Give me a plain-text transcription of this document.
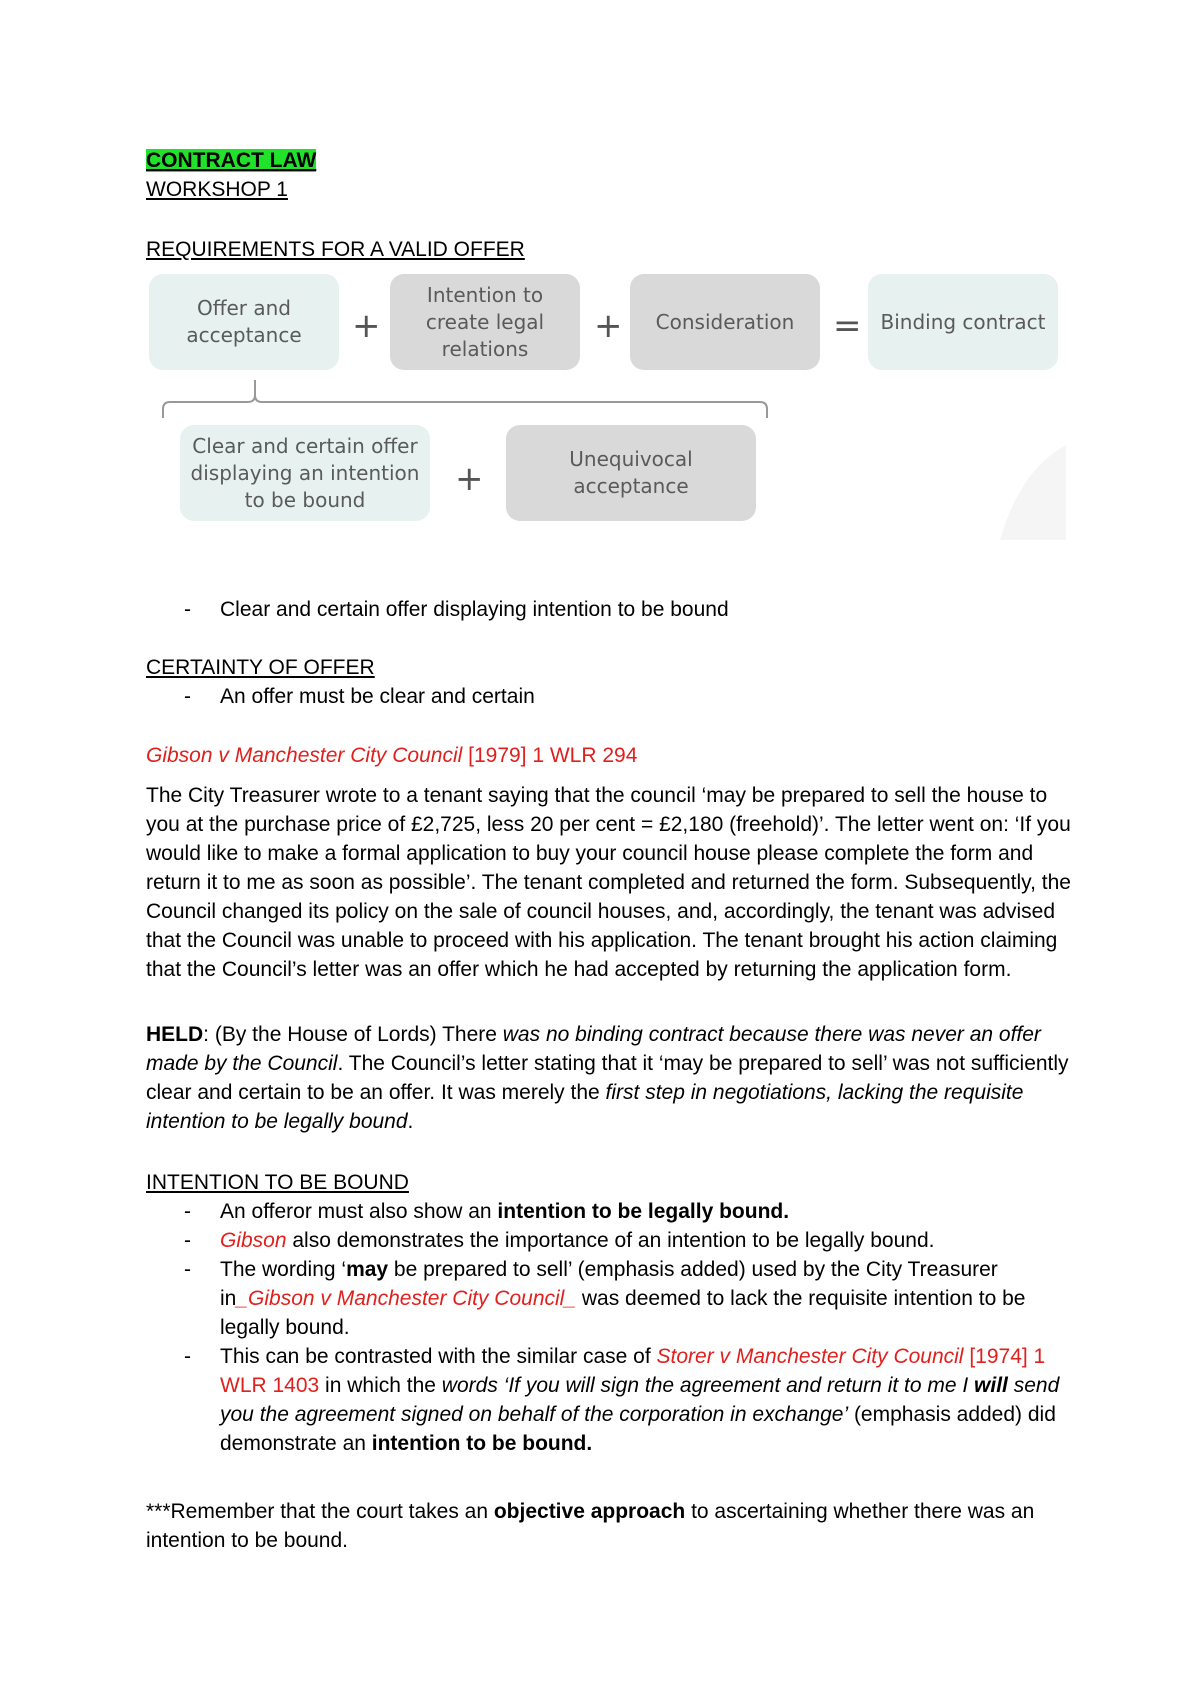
CONTRACT LAW

WORKSHOP 1

REQUIREMENTS FOR A VALID OFFER

- Clear and certain offer displaying intention to be bound

CERTAINTY OF OFFER

- An offer must be clear and certain

Gibson v Manchester City Council [1979] 1 WLR 294

The City Treasurer wrote to a tenant saying that the council ‘may be prepared to sell the house to you at the purchase price of £2,725, less 20 per cent = £2,180 (freehold)’. The letter went on: ‘If you would like to make a formal application to buy your council house please complete the form and return it to me as soon as possible’. The tenant completed and returned the form. Subsequently, the Council changed its policy on the sale of council houses, and, accordingly, the tenant was advised that the Council was unable to proceed with his application. The tenant brought his action claiming that the Council’s letter was an offer which he had accepted by returning the application form.

HELD: (By the House of Lords) There was no binding contract because there was never an offer made by the Council. The Council’s letter stating that it ‘may be prepared to sell’ was not sufficiently clear and certain to be an offer. It was merely the first step in negotiations, lacking the requisite intention to be legally bound.

INTENTION TO BE BOUND

- An offeror must also show an intention to be legally bound.
- Gibson also demonstrates the importance of an intention to be legally bound.
- The wording ‘may be prepared to sell’ (emphasis added) used by the City Treasurer in_Gibson v Manchester City Council_ was deemed to lack the requisite intention to be legally bound.
- This can be contrasted with the similar case of Storer v Manchester City Council [1974] 1 WLR 1403 in which the words ‘If you will sign the agreement and return it to me I will send you the agreement signed on behalf of the corporation in exchange’ (emphasis added) did demonstrate an intention to be bound.

***Remember that the court takes an objective approach to ascertaining whether there was an intention to be bound.

Offer and acceptance	+
Intention to create legal relations
+	Consideration	= Binding contract
Clear and certain offer displaying an intention to be bound
+	Unequivocal acceptance
